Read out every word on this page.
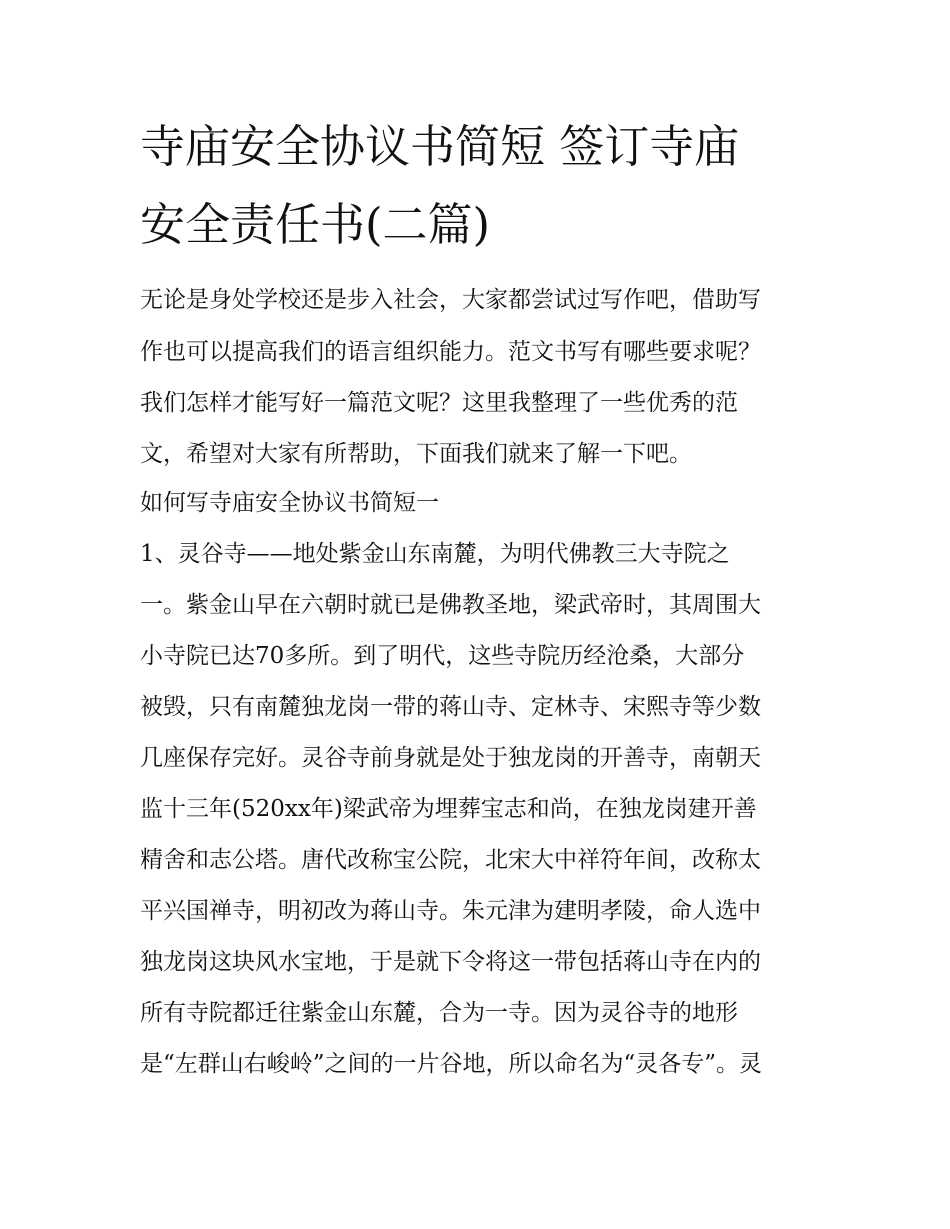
寺庙安全协议书简短 签订寺庙
安全责任书(二篇)
无论是身处学校还是步入社会，大家都尝试过写作吧，借助写
作也可以提高我们的语言组织能力。范文书写有哪些要求呢？
我们怎样才能写好一篇范文呢？这里我整理了一些优秀的范
文，希望对大家有所帮助，下面我们就来了解一下吧。
如何写寺庙安全协议书简短一
1、灵谷寺——地处紫金山东南麓，为明代佛教三大寺院之
一。紫金山早在六朝时就已是佛教圣地，梁武帝时，其周围大
小寺院已达70多所。到了明代，这些寺院历经沧桑，大部分
被毁，只有南麓独龙岗一带的蒋山寺、定林寺、宋熙寺等少数
几座保存完好。灵谷寺前身就是处于独龙岗的开善寺，南朝天
监十三年(520xx年)梁武帝为埋葬宝志和尚，在独龙岗建开善
精舍和志公塔。唐代改称宝公院，北宋大中祥符年间，改称太
平兴国禅寺，明初改为蒋山寺。朱元津为建明孝陵，命人选中
独龙岗这块风水宝地，于是就下令将这一带包括蒋山寺在内的
所有寺院都迁往紫金山东麓，合为一寺。因为灵谷寺的地形
是“左群山右峻岭”之间的一片谷地，所以命名为“灵各专”。灵
